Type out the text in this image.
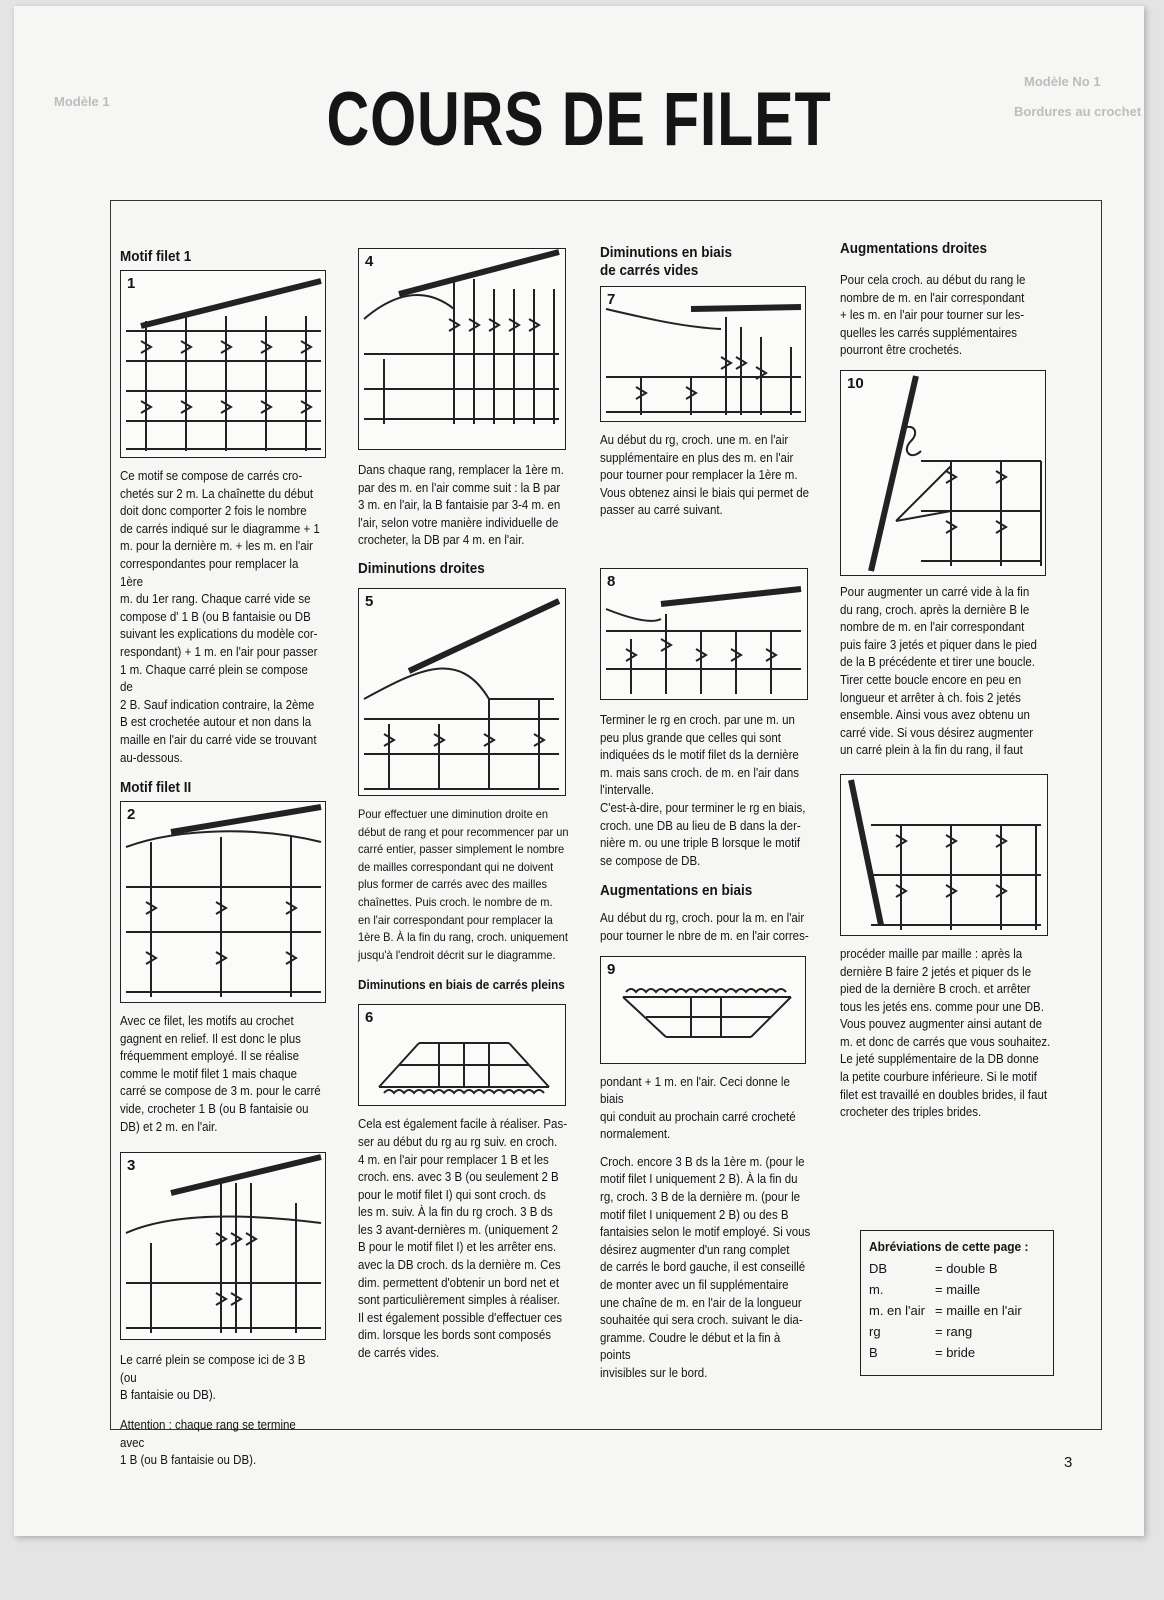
Modèle No 1
Bordures au crochet
Modèle 1	COURS DE FILET
3
Motif filet 1
1
Ce motif se compose de carrés cro-
chetés sur 2 m. La chaînette du début
doit donc comporter 2 fois le nombre
de carrés indiqué sur le diagramme + 1
m. pour la dernière m. + les m. en l'air
correspondantes pour remplacer la 1ère
m. du 1er rang. Chaque carré vide se
compose d' 1 B (ou B fantaisie ou DB
suivant les explications du modèle cor-
respondant) + 1 m. en l'air pour passer
1 m. Chaque carré plein se compose de
2 B. Sauf indication contraire, la 2ème
B est crochetée autour et non dans la
maille en l'air du carré vide se trouvant
au-dessous.
Motif filet II
2
Avec ce filet, les motifs au crochet
gagnent en relief. Il est donc le plus
fréquemment employé. Il se réalise
comme le motif filet 1 mais chaque
carré se compose de 3 m. pour le carré
vide, crocheter 1 B (ou B fantaisie ou
DB) et 2 m. en l'air.
3
Le carré plein se compose ici de 3 B (ou
B fantaisie ou DB).
Attention : chaque rang se termine avec
1 B (ou B fantaisie ou DB).
4
Dans chaque rang, remplacer la 1ère m.
par des m. en l'air comme suit : la B par
3 m. en l'air, la B fantaisie par 3-4 m. en
l'air, selon votre manière individuelle de
crocheter, la DB par 4 m. en l'air.
Diminutions droites
5
Pour effectuer une diminution droite en
début de rang et pour recommencer par un
carré entier, passer simplement le nombre
de mailles correspondant qui ne doivent
plus former de carrés avec des mailles
chaînettes. Puis croch. le nombre de m.
en l'air correspondant pour remplacer la
1ère B. À la fin du rang, croch. uniquement
jusqu'à l'endroit décrit sur le diagramme.
Diminutions en biais de carrés pleins
6
Cela est également facile à réaliser. Pas-
ser au début du rg au rg suiv. en croch.
4 m. en l'air pour remplacer 1 B et les
croch. ens. avec 3 B (ou seulement 2 B
pour le motif filet I) qui sont croch. ds
les m. suiv. À la fin du rg croch. 3 B ds
les 3 avant-dernières m. (uniquement 2
B pour le motif filet I) et les arrêter ens.
avec la DB croch. ds la dernière m. Ces
dim. permettent d'obtenir un bord net et
sont particulièrement simples à réaliser.
Il est également possible d'effectuer ces
dim. lorsque les bords sont composés
de carrés vides.
Diminutions en biais
de carrés vides
7
Au début du rg, croch. une m. en l'air
supplémentaire en plus des m. en l'air
pour tourner pour remplacer la 1ère m.
Vous obtenez ainsi le biais qui permet de
passer au carré suivant.
8
Terminer le rg en croch. par une m. un
peu plus grande que celles qui sont
indiquées ds le motif filet ds la dernière
m. mais sans croch. de m. en l'air dans
l'intervalle.
C'est-à-dire, pour terminer le rg en biais,
croch. une DB au lieu de B dans la der-
nière m. ou une triple B lorsque le motif
se compose de DB.
Augmentations en biais
Au début du rg, croch. pour la m. en l'air
pour tourner le nbre de m. en l'air corres-
9
pondant + 1 m. en l'air. Ceci donne le biais
qui conduit au prochain carré crocheté
normalement.
Croch. encore 3 B ds la 1ère m. (pour le
motif filet I uniquement 2 B). À la fin du
rg, croch. 3 B de la dernière m. (pour le
motif filet I uniquement 2 B) ou des B
fantaisies selon le motif employé. Si vous
désirez augmenter d'un rang complet
de carrés le bord gauche, il est conseillé
de monter avec un fil supplémentaire
une chaîne de m. en l'air de la longueur
souhaitée qui sera croch. suivant le dia-
gramme. Coudre le début et la fin à points
invisibles sur le bord.
Augmentations droites
Pour cela croch. au début du rang le
nombre de m. en l'air correspondant
+ les m. en l'air pour tourner sur les-
quelles les carrés supplémentaires
pourront être crochetés.
10
Pour augmenter un carré vide à la fin
du rang, croch. après la dernière B le
nombre de m. en l'air correspondant
puis faire 3 jetés et piquer dans le pied
de la B précédente et tirer une boucle.
Tirer cette boucle encore en peu en
longueur et arrêter à ch. fois 2 jetés
ensemble. Ainsi vous avez obtenu un
carré vide. Si vous désirez augmenter
un carré plein à la fin du rang, il faut
procéder maille par maille : après la
dernière B faire 2 jetés et piquer ds le
pied de la dernière B croch. et arrêter
tous les jetés ens. comme pour une DB.
Vous pouvez augmenter ainsi autant de
m. et donc de carrés que vous souhaitez.
Le jeté supplémentaire de la DB donne
la petite courbure inférieure. Si le motif
filet est travaillé en doubles brides, il faut
crocheter des triples brides.
Abréviations de cette page :
DB	= double B
m.	= maille
m. en l'air = maille en l'air
rg	= rang
B	= bride
